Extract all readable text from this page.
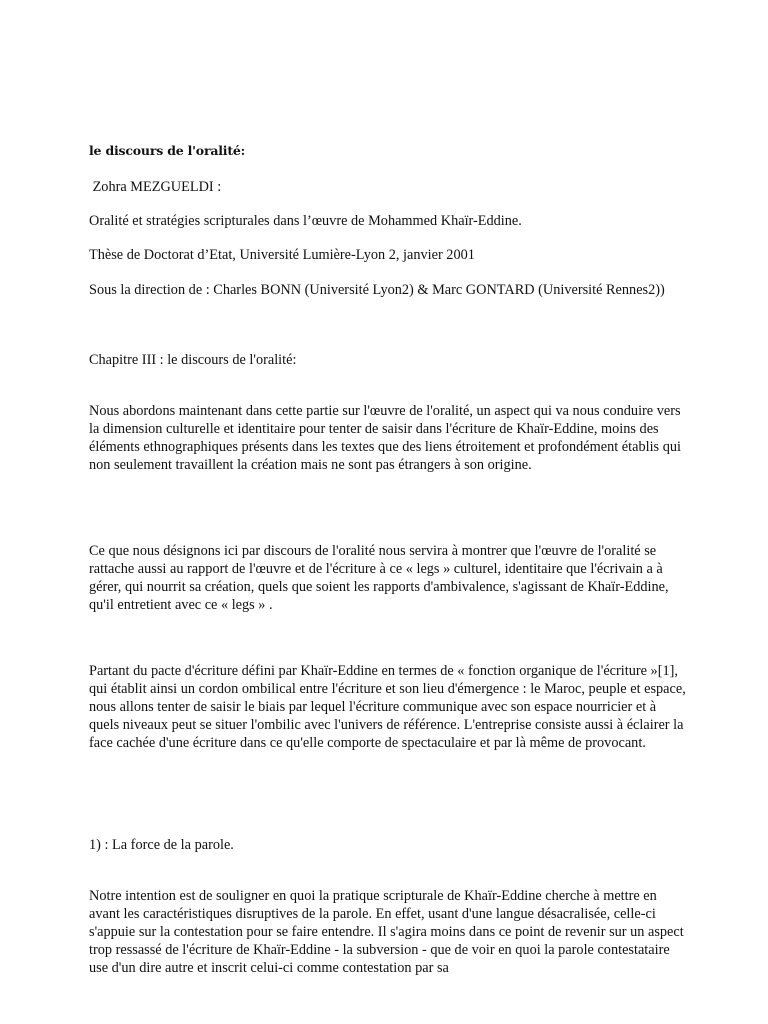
le discours de l'oralité:

Zohra MEZGUELDI :

Oralité et stratégies scripturales dans l’œuvre de Mohammed Khaïr-Eddine.

Thèse de Doctorat d’Etat, Université Lumière-Lyon 2, janvier 2001

Sous la direction de : Charles BONN (Université Lyon2) & Marc GONTARD (Université Rennes2))

Chapitre III : le discours de l'oralité:

Nous abordons maintenant dans cette partie sur l'œuvre de l'oralité, un aspect qui va nous conduire vers la dimension culturelle et identitaire pour tenter de saisir dans l'écriture de Khaïr-Eddine, moins des éléments ethnographiques présents dans les textes que des liens étroitement et profondément établis qui non seulement travaillent la création mais ne sont pas étrangers à son origine.

Ce que nous désignons ici par discours de l'oralité nous servira à montrer que l'œuvre de l'oralité se rattache aussi au rapport de l'œuvre et de l'écriture à ce « legs » culturel, identitaire que l'écrivain a à gérer, qui nourrit sa création, quels que soient les rapports d'ambivalence, s'agissant de Khaïr-Eddine, qu'il entretient avec ce « legs » .

Partant du pacte d'écriture défini par Khaïr-Eddine en termes de « fonction organique de l'écriture »[1], qui établit ainsi un cordon ombilical entre l'écriture et son lieu d'émergence : le Maroc, peuple et espace, nous allons tenter de saisir le biais par lequel l'écriture communique avec son espace nourricier et à quels niveaux peut se situer l'ombilic avec l'univers de référence. L'entreprise consiste aussi à éclairer la face cachée d'une écriture dans ce qu'elle comporte de spectaculaire et par là même de provocant.

1) : La force de la parole.

Notre intention est de souligner en quoi la pratique scripturale de Khaïr-Eddine cherche à mettre en avant les caractéristiques disruptives de la parole. En effet, usant d'une langue désacralisée, celle-ci s'appuie sur la contestation pour se faire entendre. Il s'agira moins dans ce point de revenir sur un aspect trop ressassé de l'écriture de Khaïr-Eddine - la subversion - que de voir en quoi la parole contestataire use d'un dire autre et inscrit celui-ci comme contestation par sa
